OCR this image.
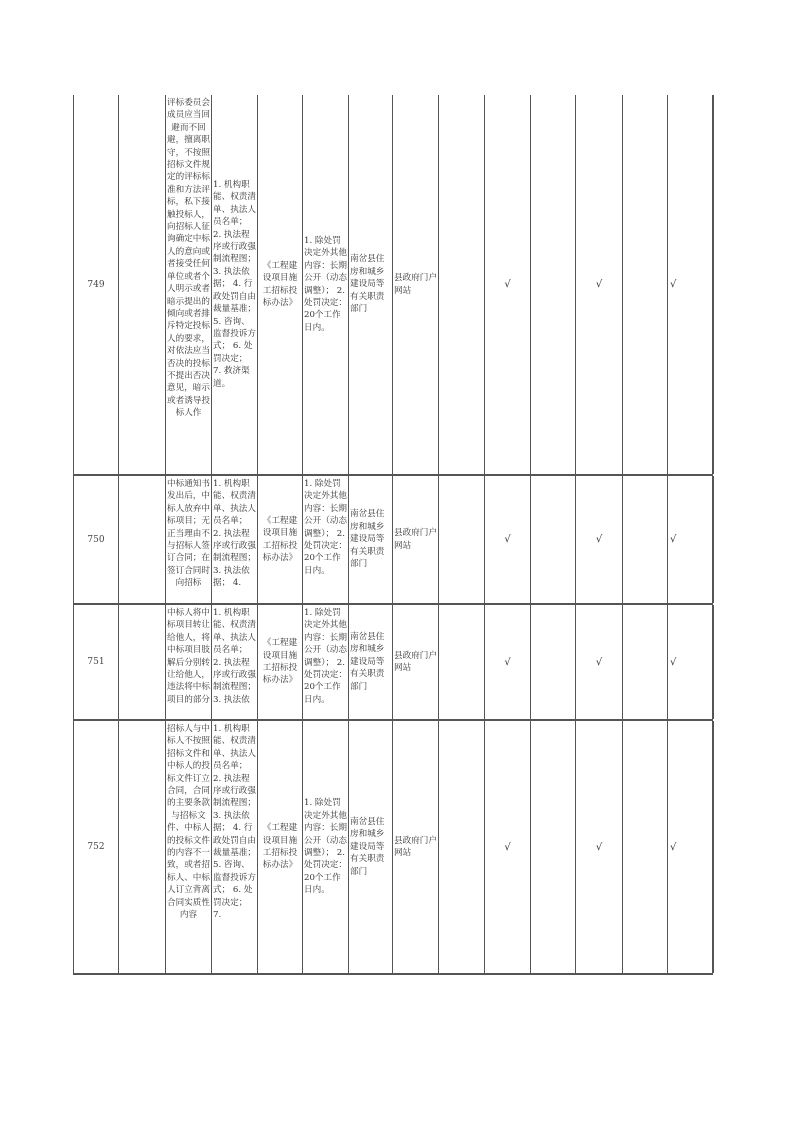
749
评标委员会成员应当回避而不回避，擅离职守，不按照招标文件规定的评标标准和方法评标，私下接触投标人，向招标人征询确定中标人的意向或者接受任何单位或者个人明示或者暗示提出的倾向或者排斥特定投标人的要求，对依法应当否决的投标不提出否决意见，暗示或者诱导投标人作
1. 机构职能、权责清单、执法人员名单； 2. 执法程序或行政强制流程图； 3. 执法依据； 4. 行政处罚自由裁量基准； 5. 咨询、监督投诉方式； 6. 处罚决定； 7. 救济渠道。
《工程建设项目施工招标投标办法》
1. 除处罚决定外其他内容：长期公开（动态调整）； 2. 处罚决定：20个工作日内。
南岔县住房和城乡建设局等有关职责部门
县政府门户网站
√	√	√
750
中标通知书发出后，中标人放弃中标项目；无正当理由不与招标人签订合同；在签订合同时向招标
1. 机构职能、权责清单、执法人员名单； 2. 执法程序或行政强制流程图； 3. 执法依据； 4.
《工程建设项目施工招标投标办法》
1. 除处罚决定外其他内容：长期公开（动态调整）； 2. 处罚决定：20个工作日内。
南岔县住房和城乡建设局等有关职责部门
县政府门户网站
√	√	√
751
中标人将中标项目转让给他人，将中标项目肢解后分别转让给他人，违法将中标项目的部分
1. 机构职能、权责清单、执法人员名单； 2. 执法程序或行政强制流程图； 3. 执法依
《工程建设项目施工招标投标办法》
1. 除处罚决定外其他内容：长期公开（动态调整）； 2. 处罚决定：20个工作日内。
南岔县住房和城乡建设局等有关职责部门
县政府门户网站
√	√	√
752
招标人与中标人不按照招标文件和中标人的投标文件订立合同，合同的主要条款与招标文件、中标人的投标文件的内容不一致，或者招标人、中标人订立背离合同实质性内容
1. 机构职能、权责清单、执法人员名单； 2. 执法程序或行政强制流程图； 3. 执法依据； 4. 行政处罚自由裁量基准； 5. 咨询、监督投诉方式； 6. 处罚决定； 7.
《工程建设项目施工招标投标办法》
1. 除处罚决定外其他内容：长期公开（动态调整）； 2. 处罚决定：20个工作日内。
南岔县住房和城乡建设局等有关职责部门
县政府门户网站
√	√	√
